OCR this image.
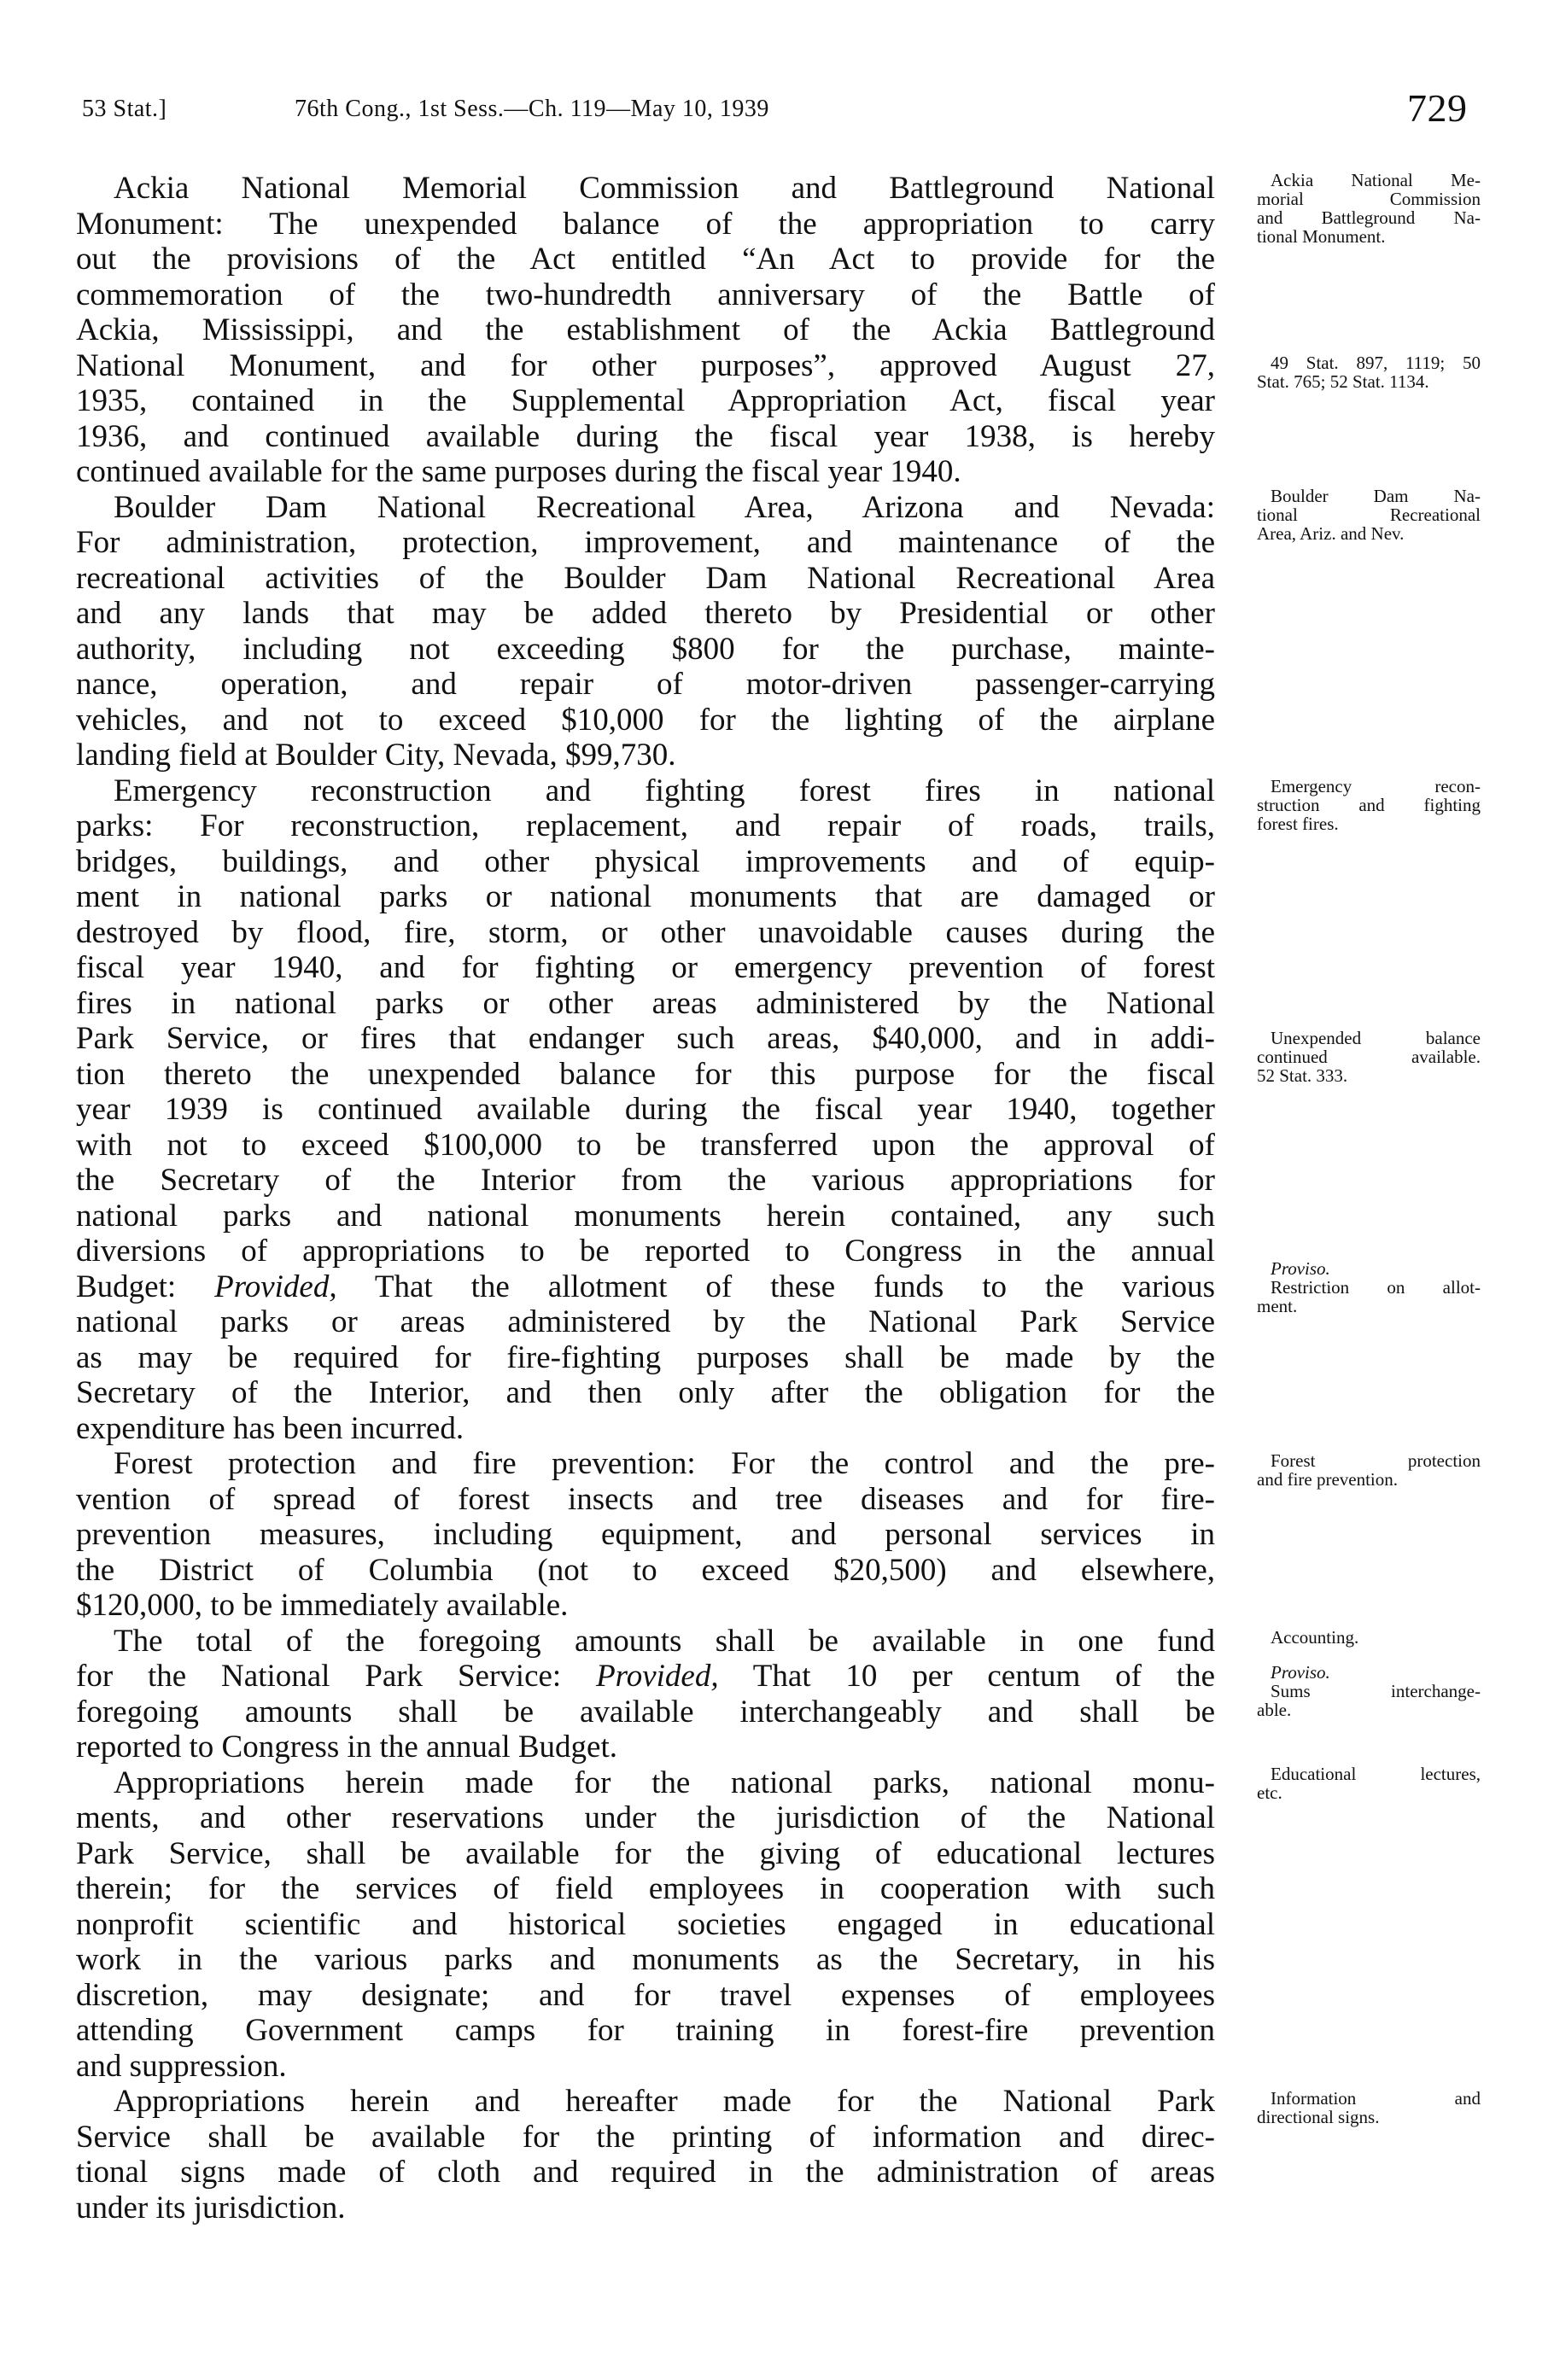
53 Stat.]	76th Cong., 1st Sess.—Ch. 119—May 10, 1939	729
Ackia National Memorial Commission and Battleground National
Monument: The unexpended balance of the appropriation to carry
out the provisions of the Act entitled “An Act to provide for the
commemoration of the two-hundredth anniversary of the Battle of
Ackia, Mississippi, and the establishment of the Ackia Battleground
National Monument, and for other purposes”, approved August 27,
1935, contained in the Supplemental Appropriation Act, fiscal year
1936, and continued available during the fiscal year 1938, is hereby
continued available for the same purposes during the fiscal year 1940.
Boulder Dam National Recreational Area, Arizona and Nevada:
For administration, protection, improvement, and maintenance of the
recreational activities of the Boulder Dam National Recreational Area
and any lands that may be added thereto by Presidential or other
authority, including not exceeding $800 for the purchase, mainte-
nance, operation, and repair of motor-driven passenger-carrying
vehicles, and not to exceed $10,000 for the lighting of the airplane
landing field at Boulder City, Nevada, $99,730.
Emergency reconstruction and fighting forest fires in national
parks: For reconstruction, replacement, and repair of roads, trails,
bridges, buildings, and other physical improvements and of equip-
ment in national parks or national monuments that are damaged or
destroyed by flood, fire, storm, or other unavoidable causes during the
fiscal year 1940, and for fighting or emergency prevention of forest
fires in national parks or other areas administered by the National
Park Service, or fires that endanger such areas, $40,000, and in addi-
tion thereto the unexpended balance for this purpose for the fiscal
year 1939 is continued available during the fiscal year 1940, together
with not to exceed $100,000 to be transferred upon the approval of
the Secretary of the Interior from the various appropriations for
national parks and national monuments herein contained, any such
diversions of appropriations to be reported to Congress in the annual
Budget: Provided, That the allotment of these funds to the various
national parks or areas administered by the National Park Service
as may be required for fire-fighting purposes shall be made by the
Secretary of the Interior, and then only after the obligation for the
expenditure has been incurred.
Forest protection and fire prevention: For the control and the pre-
vention of spread of forest insects and tree diseases and for fire-
prevention measures, including equipment, and personal services in
the District of Columbia (not to exceed $20,500) and elsewhere,
$120,000, to be immediately available.
The total of the foregoing amounts shall be available in one fund
for the National Park Service: Provided, That 10 per centum of the
foregoing amounts shall be available interchangeably and shall be
reported to Congress in the annual Budget.
Appropriations herein made for the national parks, national monu-
ments, and other reservations under the jurisdiction of the National
Park Service, shall be available for the giving of educational lectures
therein; for the services of field employees in cooperation with such
nonprofit scientific and historical societies engaged in educational
work in the various parks and monuments as the Secretary, in his
discretion, may designate; and for travel expenses of employees
attending Government camps for training in forest-fire prevention
and suppression.
Appropriations herein and hereafter made for the National Park
Service shall be available for the printing of information and direc-
tional signs made of cloth and required in the administration of areas
under its jurisdiction.
Ackia National Me-
morial Commission
and Battleground Na-
tional Monument.
49 Stat. 897, 1119; 50
Stat. 765; 52 Stat. 1134.
Boulder Dam Na-
tional Recreational
Area, Ariz. and Nev.
Emergency recon-
struction and fighting
forest fires.
Unexpended balance
continued available.
52 Stat. 333.
Proviso.
Restriction on allot-
ment.
Forest protection
and fire prevention.
Accounting.
Proviso.
Sums interchange-
able.
Educational lectures,
etc.
Information and
directional signs.
